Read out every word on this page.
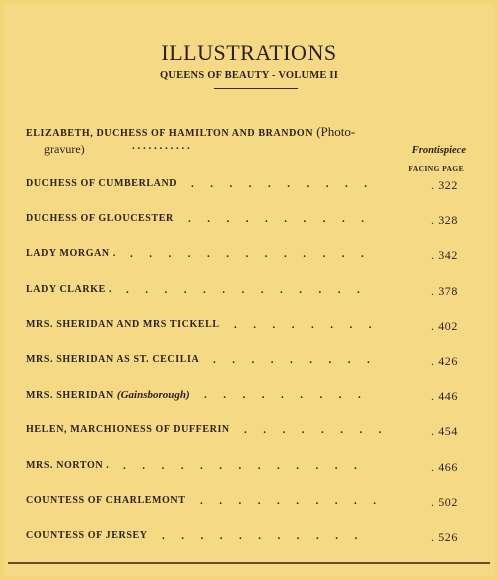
ILLUSTRATIONS
QUEENS OF BEAUTY - VOLUME II
ELIZABETH, DUCHESS OF HAMILTON AND BRANDON (Photo-
gravure)	. . . . . . . . . . .	Frontispiece
FACING PAGE
DUCHESS OF CUMBERLAND	. 322
.  .  .  .  .  .  .  .  .  .  
DUCHESS OF GLOUCESTER	. 328
.  .  .  .  .  .  .  .  .  .  
LADY MORGAN .	. 342
.  .  .  .  .  .  .  .  .  .  .  .  .  
LADY CLARKE .	. 378
.  .  .  .  .  .  .  .  .  .  .  .  .  
MRS. SHERIDAN AND MRS TICKELL	. 402
.  .  .  .  .  .  .  .  
MRS. SHERIDAN AS ST. CECILIA	. 426
.  .  .  .  .  .  .  .  .  
MRS. SHERIDAN (Gainsborough)	. 446
.  .  .  .  .  .  .  .  .  
HELEN, MARCHIONESS OF DUFFERIN	. 454
.  .  .  .  .  .  .  .  
MRS. NORTON .	. 466
.  .  .  .  .  .  .  .  .  .  .  .  .  
COUNTESS OF CHARLEMONT	. 502
.  .  .  .  .  .  .  .  .  .  
COUNTESS OF JERSEY	. 526
.  .  .  .  .  .  .  .  .  .  .  
